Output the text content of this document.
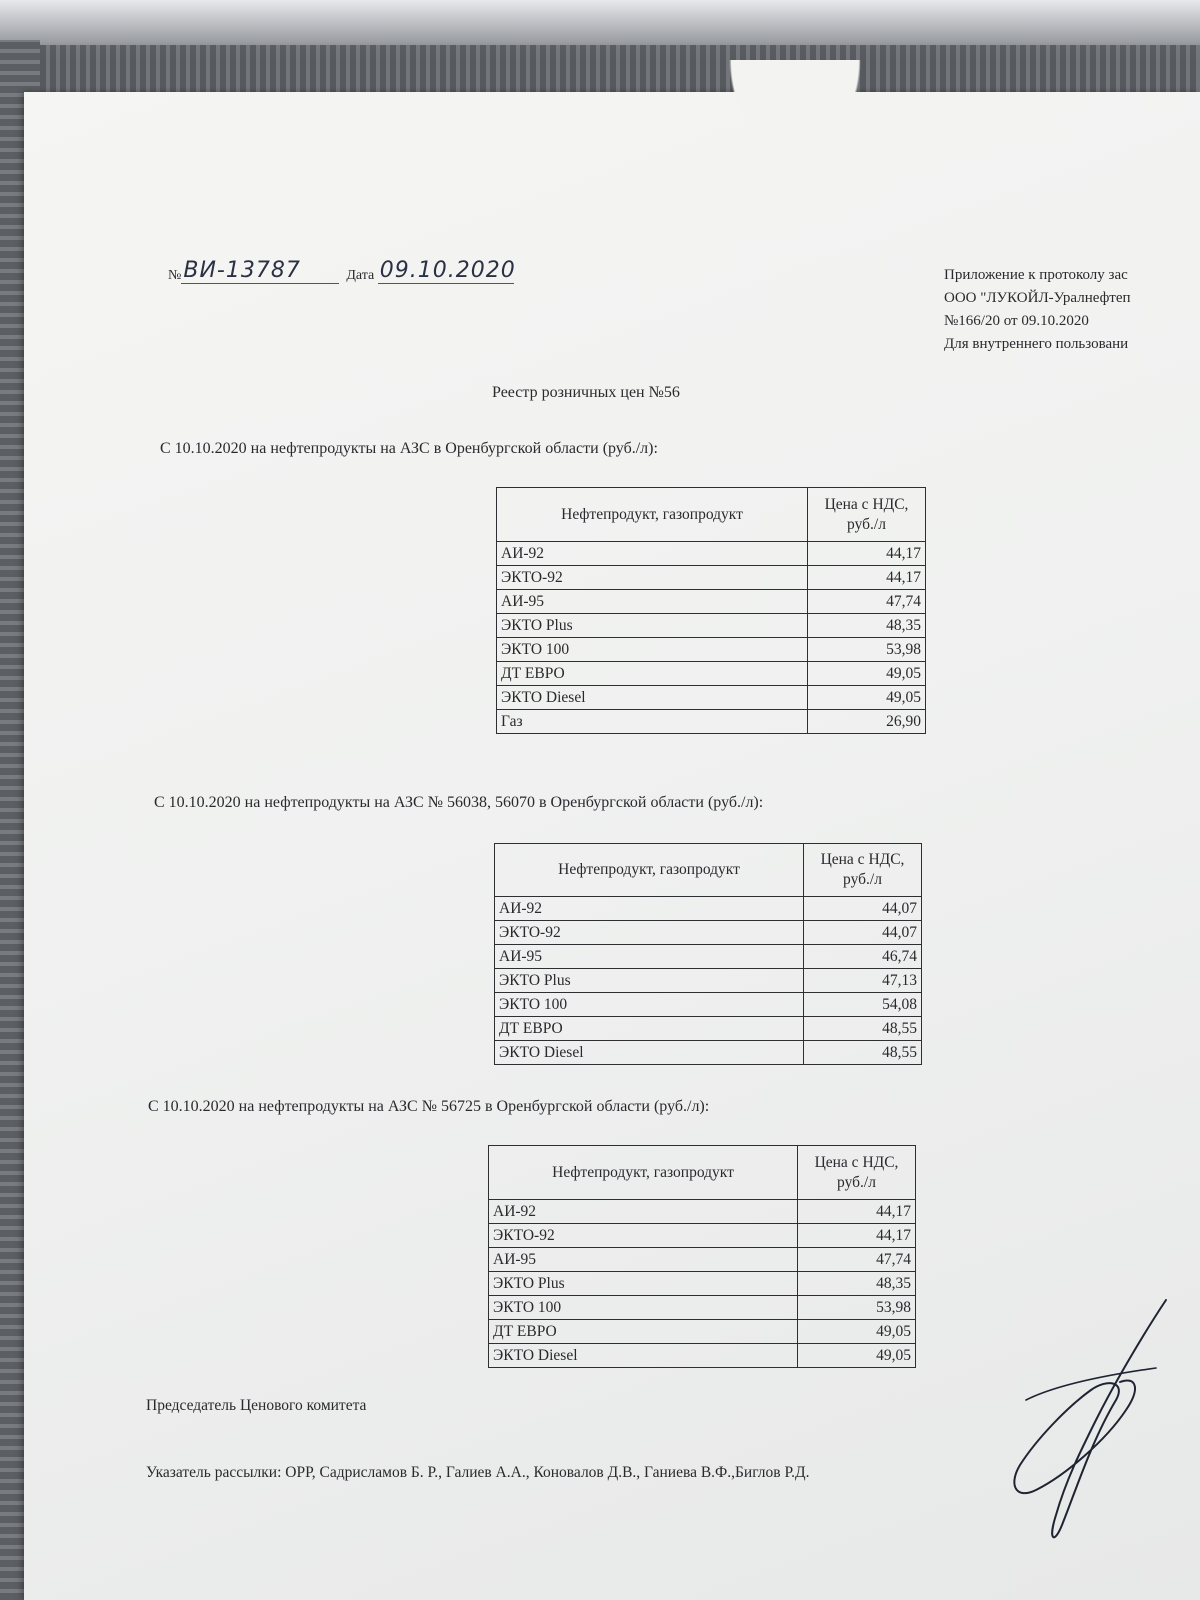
№ВИ-13787	Дата 09.10.2020	Приложение к протоколу зас
ООО "ЛУКОЙЛ-Уралнефтеп
№166/20 от 09.10.2020
Для внутреннего пользовани
Реестр розничных цен №56
С 10.10.2020 на нефтепродукты на АЗС в Оренбургской области (руб./л):
Нефтепродукт, газопродукт	Цена с НДС,
руб./л
АИ-92	44,17
ЭКТО-92	44,17
АИ-95	47,74
ЭКТО Plus	48,35
ЭКТО 100	53,98
ДТ ЕВРО	49,05
ЭКТО Diesel	49,05
Газ	26,90
С 10.10.2020 на нефтепродукты на АЗС № 56038, 56070 в Оренбургской области (руб./л):
Нефтепродукт, газопродукт	Цена с НДС,
руб./л
АИ-92	44,07
ЭКТО-92	44,07
АИ-95	46,74
ЭКТО Plus	47,13
ЭКТО 100	54,08
ДТ ЕВРО	48,55
ЭКТО Diesel	48,55
С 10.10.2020 на нефтепродукты на АЗС № 56725 в Оренбургской области (руб./л):
Нефтепродукт, газопродукт	Цена с НДС,
руб./л
АИ-92	44,17
ЭКТО-92	44,17
АИ-95	47,74
ЭКТО Plus	48,35
ЭКТО 100	53,98
ДТ ЕВРО	49,05
ЭКТО Diesel	49,05
Председатель Ценового комитета
Указатель рассылки: ОРР, Садрисламов Б. Р., Галиев А.А., Коновалов Д.В., Ганиева В.Ф.,Биглов Р.Д.
